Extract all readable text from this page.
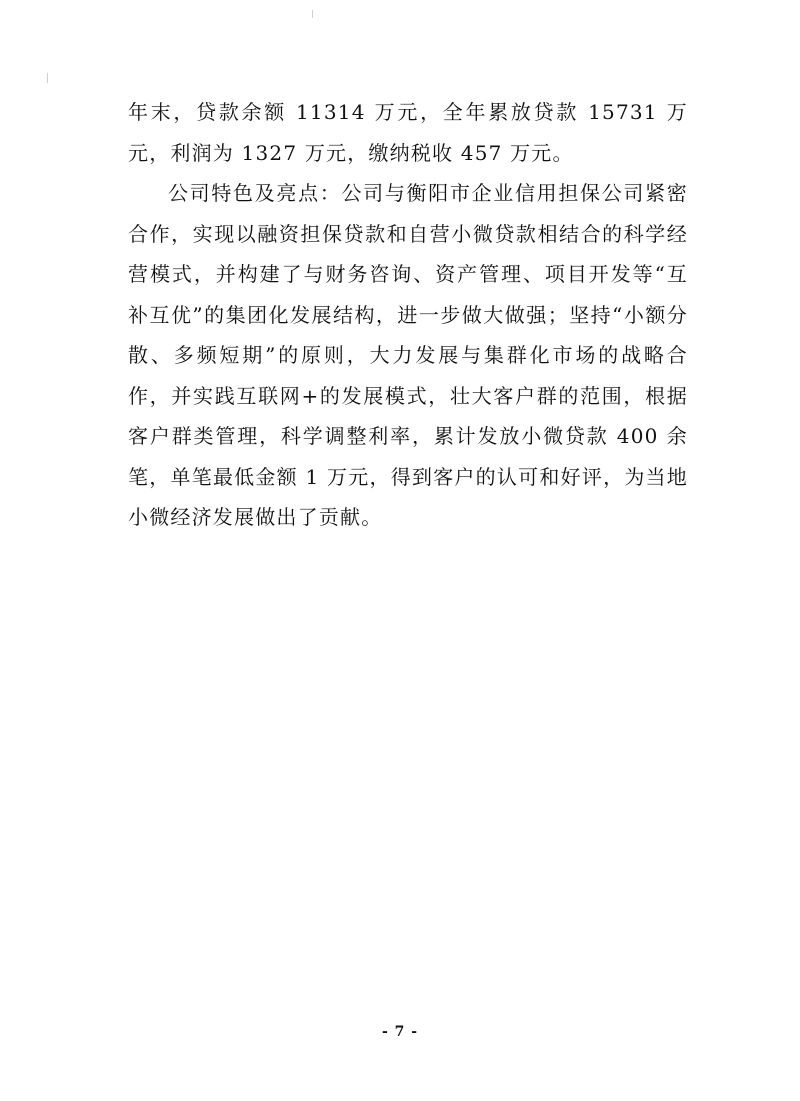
年末，贷款余额 11314 万元，全年累放贷款 15731 万元，利润为 1327 万元，缴纳税收 457 万元。

公司特色及亮点：公司与衡阳市企业信用担保公司紧密合作，实现以融资担保贷款和自营小微贷款相结合的科学经营模式，并构建了与财务咨询、资产管理、项目开发等“互补互优”的集团化发展结构，进一步做大做强；坚持“小额分散、多频短期”的原则，大力发展与集群化市场的战略合作，并实践互联网+的发展模式，壮大客户群的范围，根据客户群类管理，科学调整利率，累计发放小微贷款 400 余笔，单笔最低金额 1 万元，得到客户的认可和好评，为当地小微经济发展做出了贡献。

- 7 -
